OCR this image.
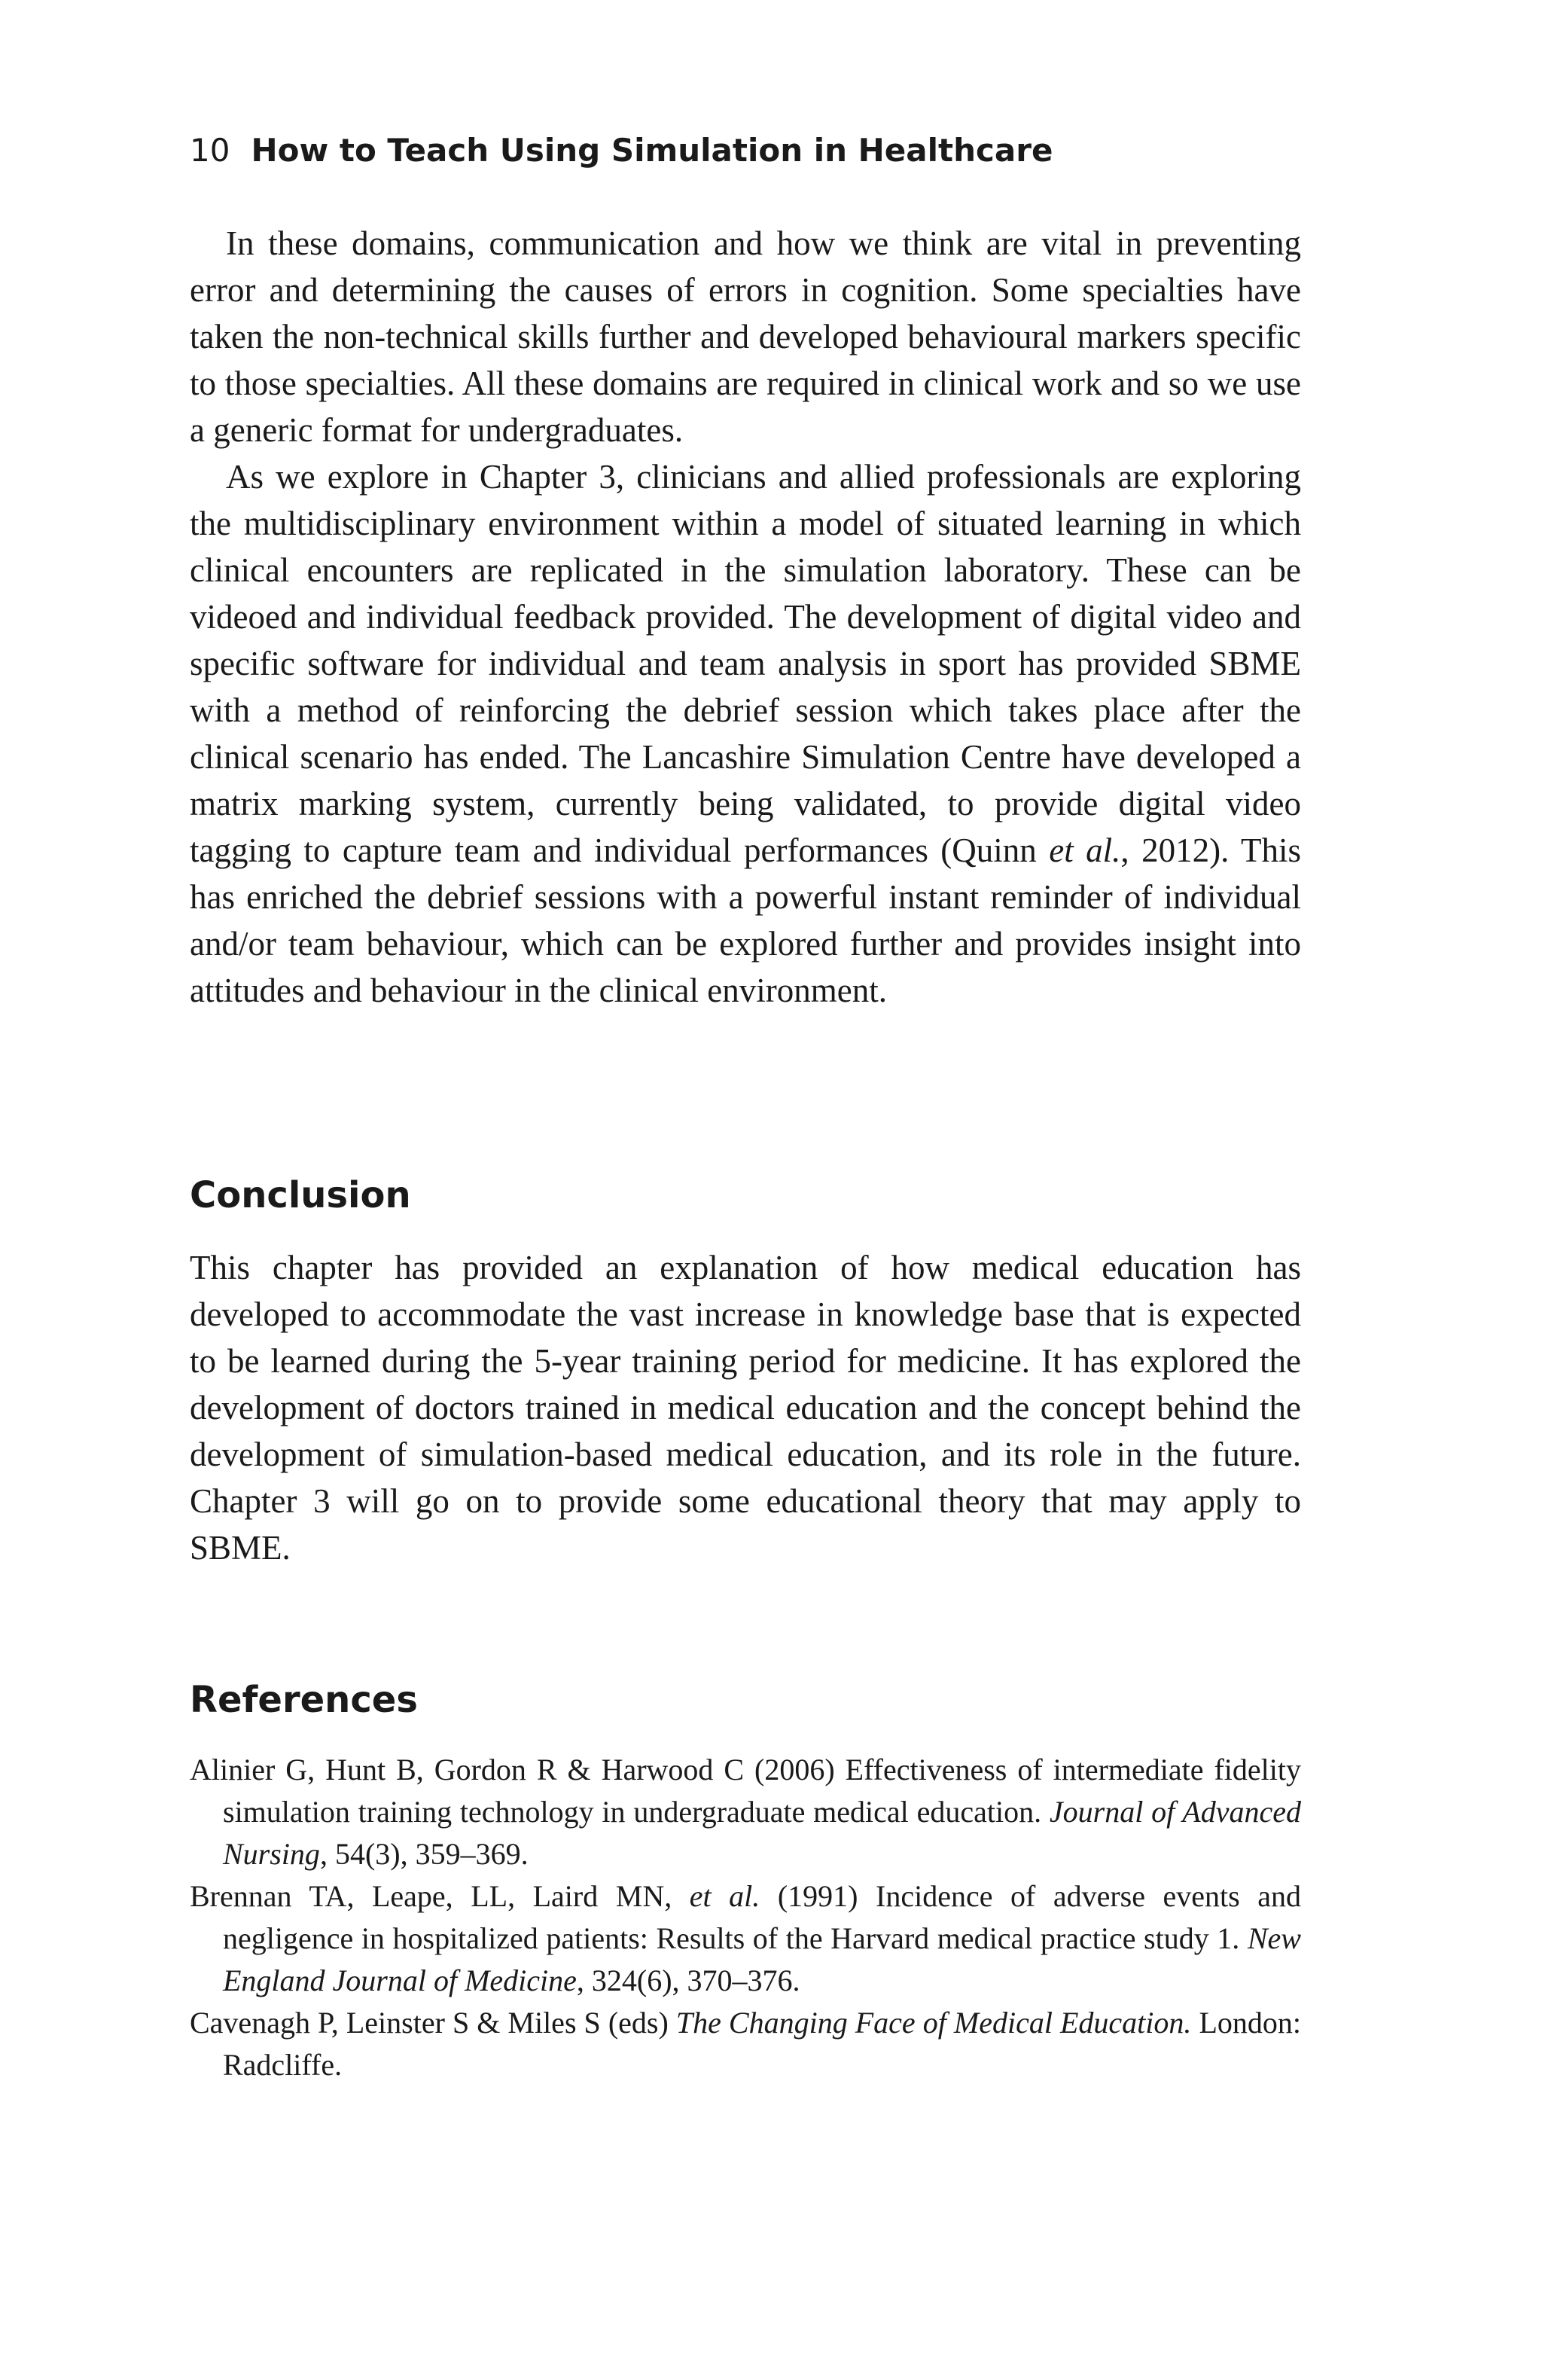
10 How to Teach Using Simulation in Healthcare

In these domains, communication and how we think are vital in preventing error and determining the causes of errors in cognition. Some specialties have taken the non-technical skills further and developed behavioural markers specific to those specialties. All these domains are required in clinical work and so we use a generic format for undergraduates.

As we explore in Chapter 3, clinicians and allied professionals are exploring the multidisciplinary environment within a model of situated learning in which clinical encounters are replicated in the simulation laboratory. These can be videoed and individual feedback provided. The development of digital video and specific software for individual and team analysis in sport has provided SBME with a method of reinforcing the debrief session which takes place after the clinical scenario has ended. The Lancashire Simulation Centre have developed a matrix marking system, currently being validated, to provide digital video tagging to capture team and individual performances (Quinn et al., 2012). This has enriched the debrief sessions with a powerful instant reminder of individual and/or team behaviour, which can be explored further and provides insight into attitudes and behaviour in the clinical environment.

Conclusion

This chapter has provided an explanation of how medical education has developed to accommodate the vast increase in knowledge base that is expected to be learned during the 5-year training period for medicine. It has explored the development of doctors trained in medical education and the concept behind the development of simulation-based medical education, and its role in the future. Chapter 3 will go on to provide some educational theory that may apply to SBME.

References
Alinier G, Hunt B, Gordon R & Harwood C (2006) Effectiveness of intermediate fidelity simulation training technology in undergraduate medical education. Journal of Advanced Nursing, 54(3), 359–369.
Brennan TA, Leape, LL, Laird MN, et al. (1991) Incidence of adverse events and negligence in hospitalized patients: Results of the Harvard medical practice study 1. New England Journal of Medicine, 324(6), 370–376.
Cavenagh P, Leinster S & Miles S (eds) The Changing Face of Medical Education. London: Radcliffe.
